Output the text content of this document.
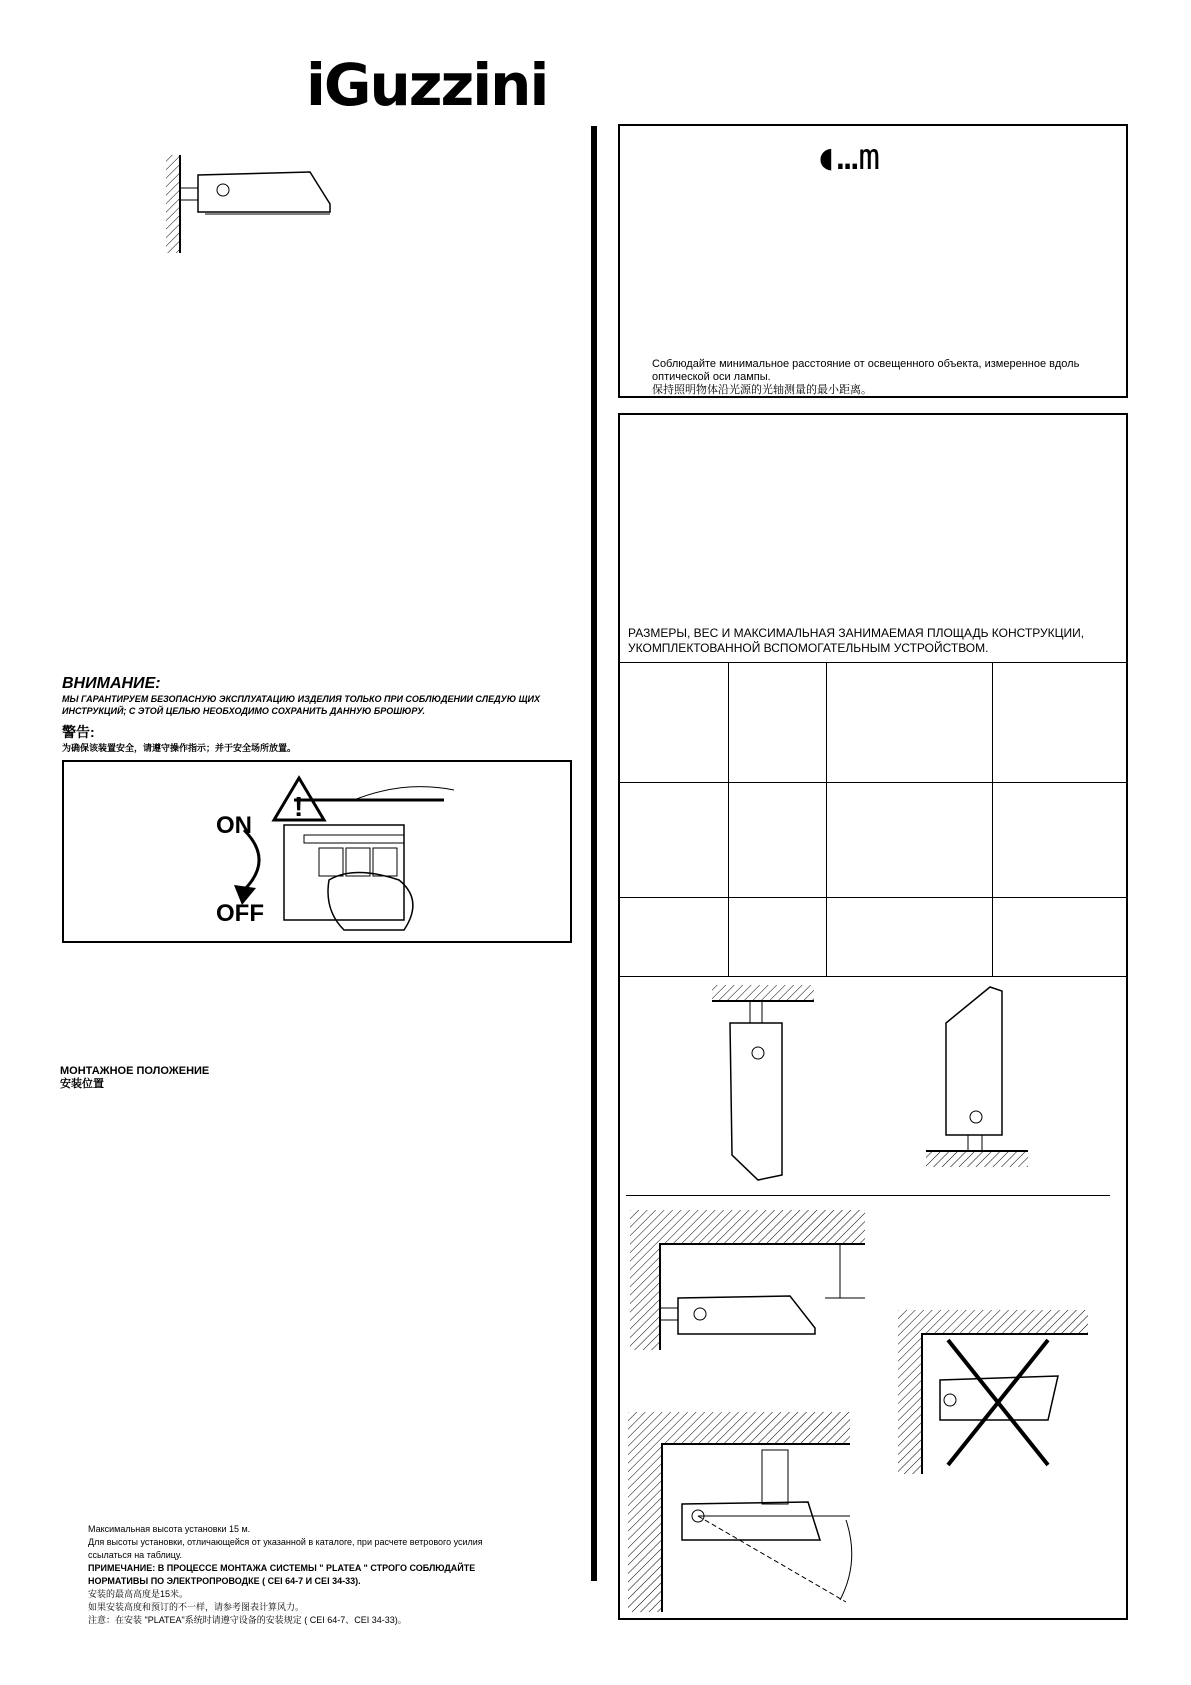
iGuzzini
ВНИМАНИЕ:
МЫ ГАРАНТИРУЕМ БЕЗОПАСНУЮ ЭКСПЛУАТАЦИЮ ИЗДЕЛИЯ ТОЛЬКО ПРИ СОБЛЮДЕНИИ СЛЕДУЮ ЩИХ ИНСТРУКЦИЙ; С ЭТОЙ ЦЕЛЬЮ НЕОБХОДИМО СОХРАНИТЬ ДАННУЮ БРОШЮРУ.
警告:
为确保该装置安全，请遵守操作指示；并于安全场所放置。
ON
OFF
!
МОНТАЖНОЕ ПОЛОЖЕНИЕ
安装位置
Максимальная высота установки 15 м.
Для высоты установки, отличающейся от указанной в каталоге, при расчете ветрового усилия
ссылаться на таблицу.
ПРИМЕЧАНИЕ: В ПРОЦЕССЕ МОНТАЖА СИСТЕМЫ " PLATEA " СТРОГО СОБЛЮДАЙТЕ
НОРМАТИВЫ ПО ЭЛЕКТРОПРОВОДКЕ ( CEI 64-7 И CEI 34-33).
安装的最高高度是15米。
如果安装高度和预订的不一样，请参考图表计算风力。
注意：在安装 "PLATEA"系统时请遵守设备的安装规定 ( CEI 64-7、CEI 34-33)。
◖…m
Соблюдайте минимальное расстояние от освещенного объекта, измеренное вдоль оптической оси лампы.
保持照明物体沿光源的光轴测量的最小距离。
РАЗМЕРЫ, ВЕС И МАКСИМАЛЬНАЯ ЗАНИМАЕМАЯ ПЛОЩАДЬ КОНСТРУКЦИИ,
УКОМПЛЕКТОВАННОЙ ВСПОМОГАТЕЛЬНЫМ УСТРОЙСТВОМ.
